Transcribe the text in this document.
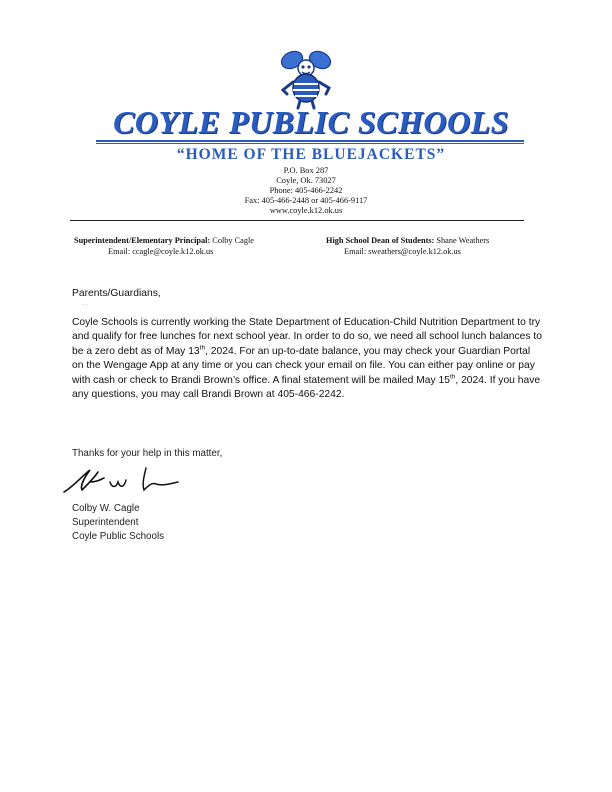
COYLE PUBLIC SCHOOLS
“HOME OF THE BLUEJACKETS”
P.O. Box 287
Coyle, Ok. 73027
Phone: 405-466-2242
Fax: 405-466-2448 or 405-466-9117
www.coyle.k12.ok.us
Superintendent/Elementary Principal: Colby Cagle
Email: ccagle@coyle.k12.ok.us
High School Dean of Students: Shane Weathers
Email: sweathers@coyle.k12.ok.us
Parents/Guardians,
· ·
Coyle Schools is currently working the State Department of Education-Child Nutrition Department to try and qualify for free lunches for next school year. In order to do so, we need all school lunch balances to be a zero debt as of May 13th, 2024. For an up-to-date balance, you may check your Guardian Portal on the Wengage App at any time or you can check your email on file. You can either pay online or pay with cash or check to Brandi Brown’s office. A final statement will be mailed May 15th, 2024. If you have any questions, you may call Brandi Brown at 405-466-2242.
Thanks for your help in this matter,
Colby W. Cagle
Superintendent
Coyle Public Schools
